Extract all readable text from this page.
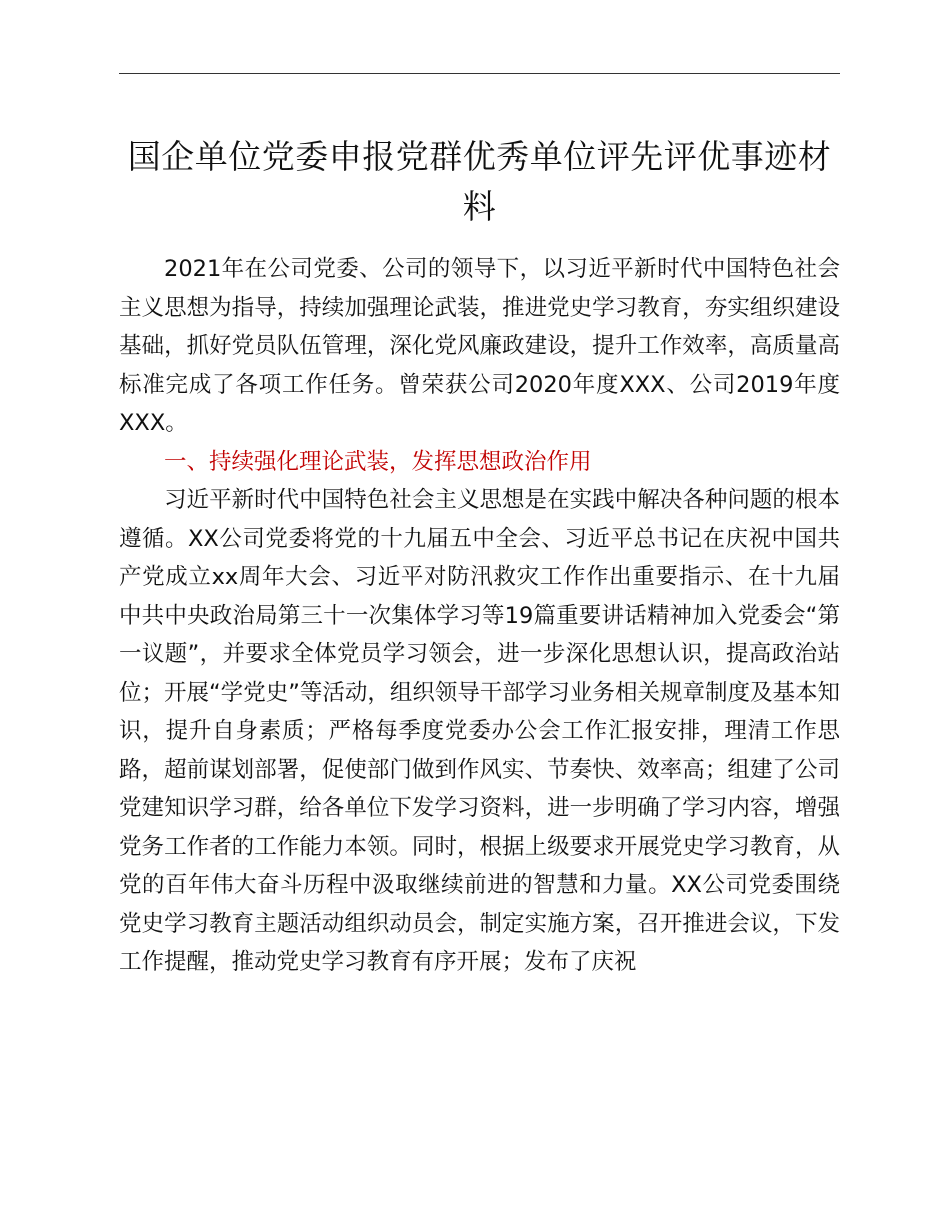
国企单位党委申报党群优秀单位评先评优事迹材料

2021年在公司党委、公司的领导下，以习近平新时代中国特色社会主义思想为指导，持续加强理论武装，推进党史学习教育，夯实组织建设基础，抓好党员队伍管理，深化党风廉政建设，提升工作效率，高质量高标准完成了各项工作任务。曾荣获公司2020年度XXX、公司2019年度XXX。

一、持续强化理论武装，发挥思想政治作用

习近平新时代中国特色社会主义思想是在实践中解决各种问题的根本遵循。XX公司党委将党的十九届五中全会、习近平总书记在庆祝中国共产党成立xx周年大会、习近平对防汛救灾工作作出重要指示、在十九届中共中央政治局第三十一次集体学习等19篇重要讲话精神加入党委会“第一议题”，并要求全体党员学习领会，进一步深化思想认识，提高政治站位；开展“学党史”等活动，组织领导干部学习业务相关规章制度及基本知识，提升自身素质；严格每季度党委办公会工作汇报安排，理清工作思路，超前谋划部署，促使部门做到作风实、节奏快、效率高；组建了公司党建知识学习群，给各单位下发学习资料，进一步明确了学习内容，增强党务工作者的工作能力本领。同时，根据上级要求开展党史学习教育，从党的百年伟大奋斗历程中汲取继续前进的智慧和力量。XX公司党委围绕党史学习教育主题活动组织动员会，制定实施方案，召开推进会议，下发工作提醒，推动党史学习教育有序开展；发布了庆祝
